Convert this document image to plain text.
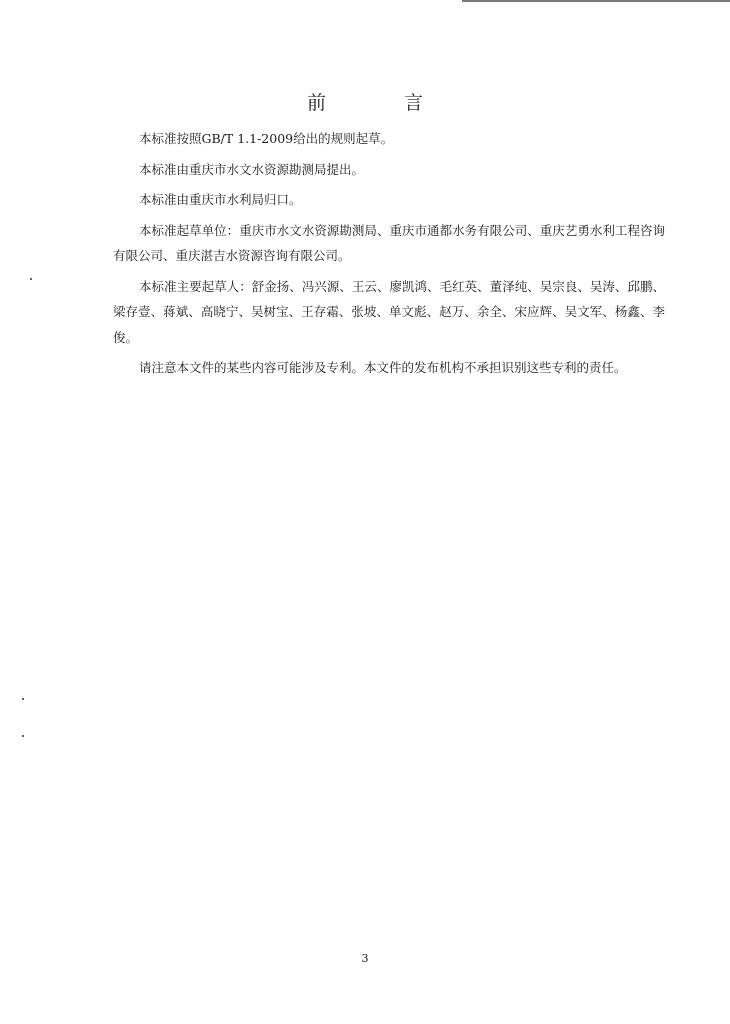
前 言

本标准按照GB/T 1.1-2009给出的规则起草。

本标准由重庆市水文水资源勘测局提出。

本标准由重庆市水利局归口。

本标准起草单位：重庆市水文水资源勘测局、重庆市通都水务有限公司、重庆艺勇水利工程咨询有限公司、重庆湛吉水资源咨询有限公司。

本标准主要起草人：舒金扬、冯兴源、王云、廖凯鸿、毛红英、董泽纯、吴宗良、吴涛、邱鹏、梁存壹、蒋斌、高晓宁、吴树宝、王存霜、张坡、单文彪、赵万、余全、宋应辉、吴文军、杨鑫、李俊。

请注意本文件的某些内容可能涉及专利。本文件的发布机构不承担识别这些专利的责任。

3
